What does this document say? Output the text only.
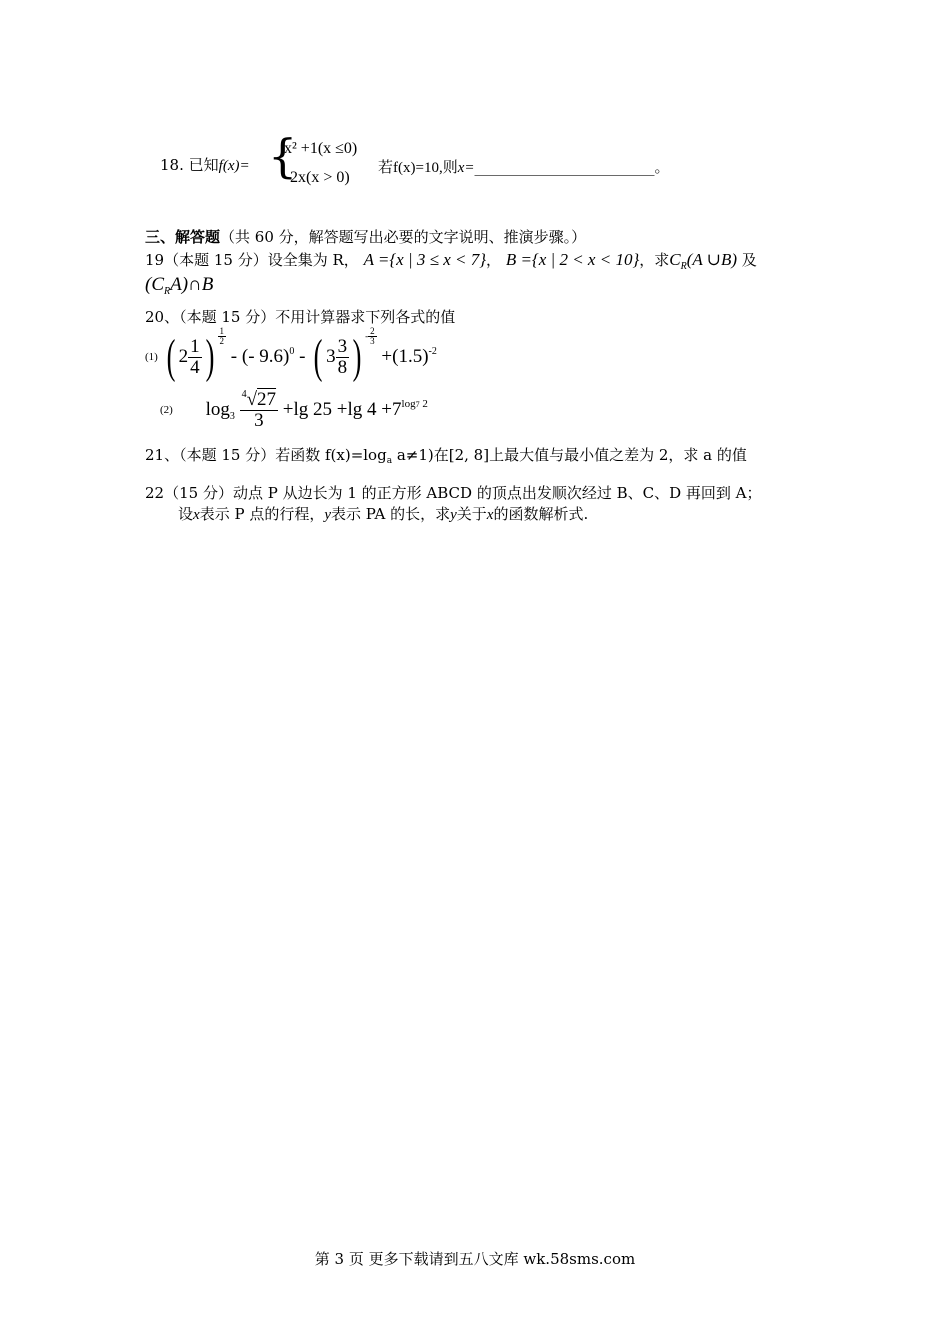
18. 已知f(x)= {
x² +1(x ≤0)
2x(x > 0)
若f(x)=10,则x=________________________。
三、解答题（共 60 分，解答题写出必要的文字说明、推演步骤。）
19（本题 15 分）设全集为 R， A ={x | 3 ≤ x < 7}， B ={x | 2 < x < 10}，求$C_R(A$ ∪B) 及
$(C_RA)\cap B$
20、（本题 15 分）不用计算器求下列各式的值
(1) ( $2 \frac{1}{4}$ ) $\frac{1}{2}$
- (- 9.6)$^0$ - ( $3 \frac{3}{8}$ ) - $\frac{2}{3}$
$+(1.5)^{-2}$
(2) $\log_3 \frac{^4√27}{3} +\lg$ 25 +lg $4 +7^{log7 2}$
21、（本题 15 分）若函数 $f(x)=\log_a$ a≠1)在[2, 8]上最大值与最小值之差为 2，求 a 的值
22（15 分）动点 P 从边长为 1 的正方形 ABCD 的顶点出发顺次经过 B、C、D 再回到 A；
设x表示 P 点的行程，y表示 PA 的长，求y关于x的函数解析式.
第 3 页 更多下载请到五八文库 wk.58sms.com
